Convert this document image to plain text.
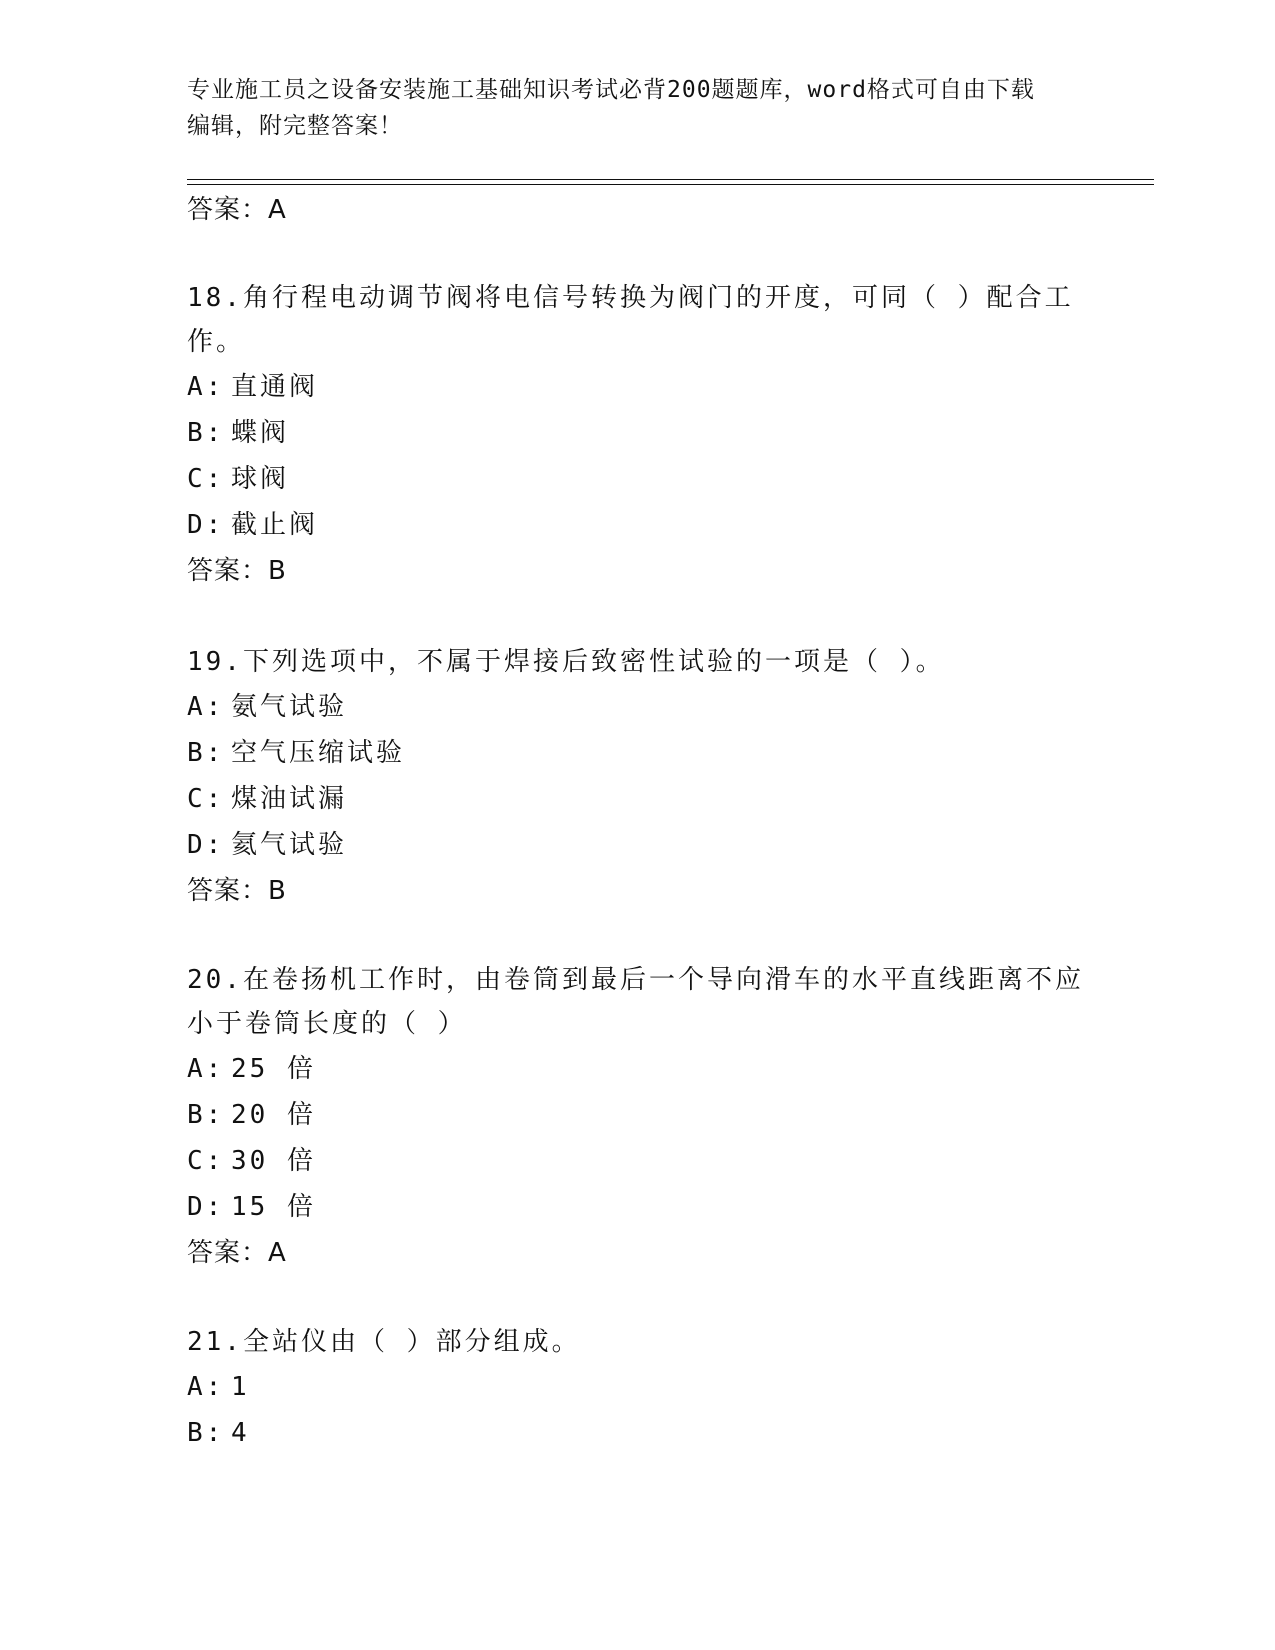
专业施工员之设备安装施工基础知识考试必背200题题库，word格式可自由下载
编辑，附完整答案！
答案：A
18.角行程电动调节阀将电信号转换为阀门的开度，可同（ ）配合工作。
A: 直通阀
B: 蝶阀
C: 球阀
D: 截止阀
答案：B
19.下列选项中，不属于焊接后致密性试验的一项是（ ）。
A: 氨气试验
B: 空气压缩试验
C: 煤油试漏
D: 氦气试验
答案：B
20.在卷扬机工作时，由卷筒到最后一个导向滑车的水平直线距离不应小于卷筒长度的（ ）
A: 25 倍
B: 20 倍
C: 30 倍
D: 15 倍
答案：A
21.全站仪由（ ）部分组成。
A: 1
B: 4
